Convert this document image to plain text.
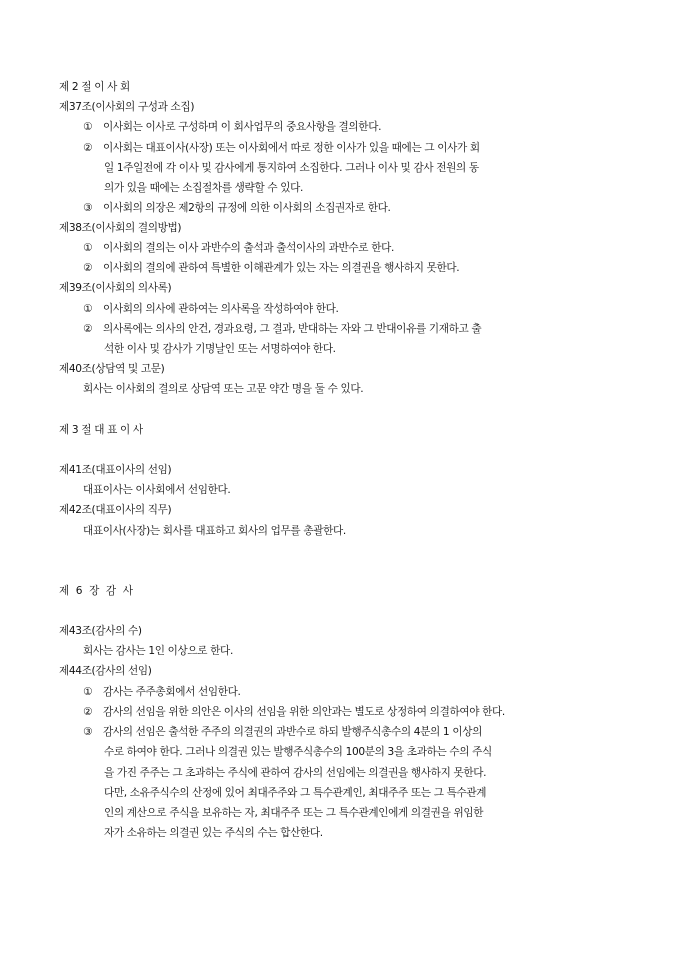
제 2 절 이 사 회
제37조(이사회의 구성과 소집)
① 이사회는 이사로 구성하며 이 회사업무의 중요사항을 결의한다.
② 이사회는 대표이사(사장) 또는 이사회에서 따로 정한 이사가 있을 때에는 그 이사가 회
일 1주일전에 각 이사 및 감사에게 통지하여 소집한다. 그러나 이사 및 감사 전원의 동
의가 있을 때에는 소집절차를 생략할 수 있다.
③ 이사회의 의장은 제2항의 규정에 의한 이사회의 소집권자로 한다.
제38조(이사회의 결의방법)
① 이사회의 결의는 이사 과반수의 출석과 출석이사의 과반수로 한다.
② 이사회의 결의에 관하여 특별한 이해관계가 있는 자는 의결권을 행사하지 못한다.
제39조(이사회의 의사록)
① 이사회의 의사에 관하여는 의사록을 작성하여야 한다.
② 의사록에는 의사의 안건, 경과요령, 그 결과, 반대하는 자와 그 반대이유를 기재하고 출
석한 이사 및 감사가 기명날인 또는 서명하여야 한다.
제40조(상담역 및 고문)
회사는 이사회의 결의로 상담역 또는 고문 약간 명을 둘 수 있다.
제 3 절 대 표 이 사
제41조(대표이사의 선임)
대표이사는 이사회에서 선임한다.
제42조(대표이사의 직무)
대표이사(사장)는 회사를 대표하고 회사의 업무를 총괄한다.
제 6 장 감 사
제43조(감사의 수)
회사는 감사는 1인 이상으로 한다.
제44조(감사의 선임)
① 감사는 주주총회에서 선임한다.
② 감사의 선임을 위한 의안은 이사의 선임을 위한 의안과는 별도로 상정하여 의결하여야 한다.
③ 감사의 선임은 출석한 주주의 의결권의 과반수로 하되 발행주식총수의 4분의 1 이상의
수로 하여야 한다. 그러나 의결권 있는 발행주식총수의 100분의 3을 초과하는 수의 주식
을 가진 주주는 그 초과하는 주식에 관하여 감사의 선임에는 의결권을 행사하지 못한다.
다만, 소유주식수의 산정에 있어 최대주주와 그 특수관계인, 최대주주 또는 그 특수관계
인의 계산으로 주식을 보유하는 자, 최대주주 또는 그 특수관계인에게 의결권을 위임한
자가 소유하는 의결권 있는 주식의 수는 합산한다.
